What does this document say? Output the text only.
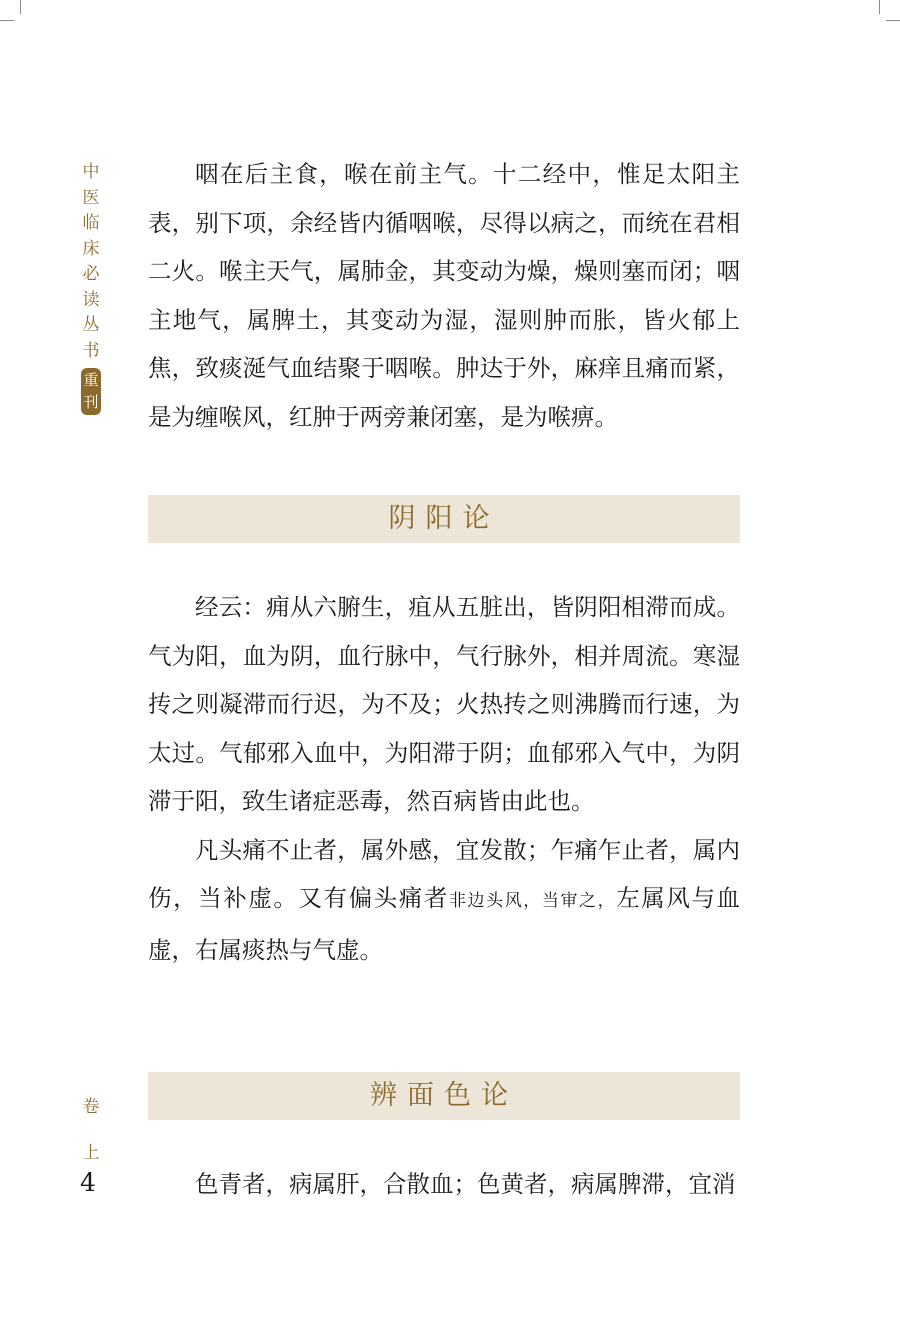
中
医
临
床
必
读
丛
书
重
刊
卷
上
4

咽在后主食，喉在前主气。十二经中，惟足太阳主表，别下项，余经皆内循咽喉，尽得以病之，而统在君相二火。喉主天气，属肺金，其变动为燥，燥则塞而闭；咽主地气，属脾土，其变动为湿，湿则肿而胀，皆火郁上焦，致痰涎气血结聚于咽喉。肿达于外，麻痒且痛而紧，是为缠喉风，红肿于两旁兼闭塞，是为喉痹。

阴阳论

经云：痈从六腑生，疽从五脏出，皆阴阳相滞而成。气为阳，血为阴，血行脉中，气行脉外，相并周流。寒湿抟之则凝滞而行迟，为不及；火热抟之则沸腾而行速，为太过。气郁邪入血中，为阳滞于阴；血郁邪入气中，为阴滞于阳，致生诸症恶毒，然百病皆由此也。

凡头痛不止者，属外感，宜发散；乍痛乍止者，属内伤，当补虚。又有偏头痛者非边头风，当审之，左属风与血虚，右属痰热与气虚。

辨面色论

色青者，病属肝，合散血；色黄者，病属脾滞，宜消
